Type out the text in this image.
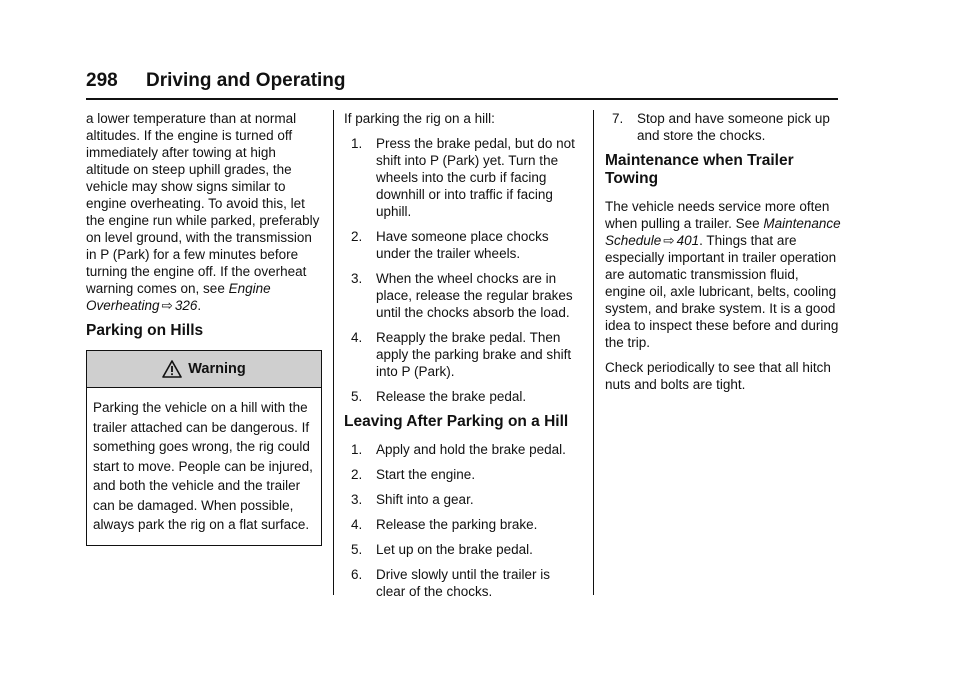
298 Driving and Operating

a lower temperature than at normal altitudes. If the engine is turned off immediately after towing at high altitude on steep uphill grades, the vehicle may show signs similar to engine overheating. To avoid this, let the engine run while parked, preferably on level ground, with the transmission in P (Park) for a few minutes before turning the engine off. If the overheat warning comes on, see Engine Overheating ⇨ 326.

Parking on Hills
Warning
Parking the vehicle on a hill with the trailer attached can be dangerous. If something goes wrong, the rig could start to move. People can be injured, and both the vehicle and the trailer can be damaged. When possible, always park the rig on a flat surface.

If parking the rig on a hill:

1. Press the brake pedal, but do not shift into P (Park) yet. Turn the wheels into the curb if facing downhill or into traffic if facing uphill.
2. Have someone place chocks under the trailer wheels.
3. When the wheel chocks are in place, release the regular brakes until the chocks absorb the load.
4. Reapply the brake pedal. Then apply the parking brake and shift into P (Park).
5. Release the brake pedal.
Leaving After Parking on a Hill
1. Apply and hold the brake pedal.
2. Start the engine.
3. Shift into a gear.
4. Release the parking brake.
5. Let up on the brake pedal.
6. Drive slowly until the trailer is clear of the chocks.
7. Stop and have someone pick up and store the chocks.
Maintenance when Trailer Towing

The vehicle needs service more often when pulling a trailer. See Maintenance Schedule ⇨ 401. Things that are especially important in trailer operation are automatic transmission fluid, engine oil, axle lubricant, belts, cooling system, and brake system. It is a good idea to inspect these before and during the trip.

Check periodically to see that all hitch nuts and bolts are tight.
